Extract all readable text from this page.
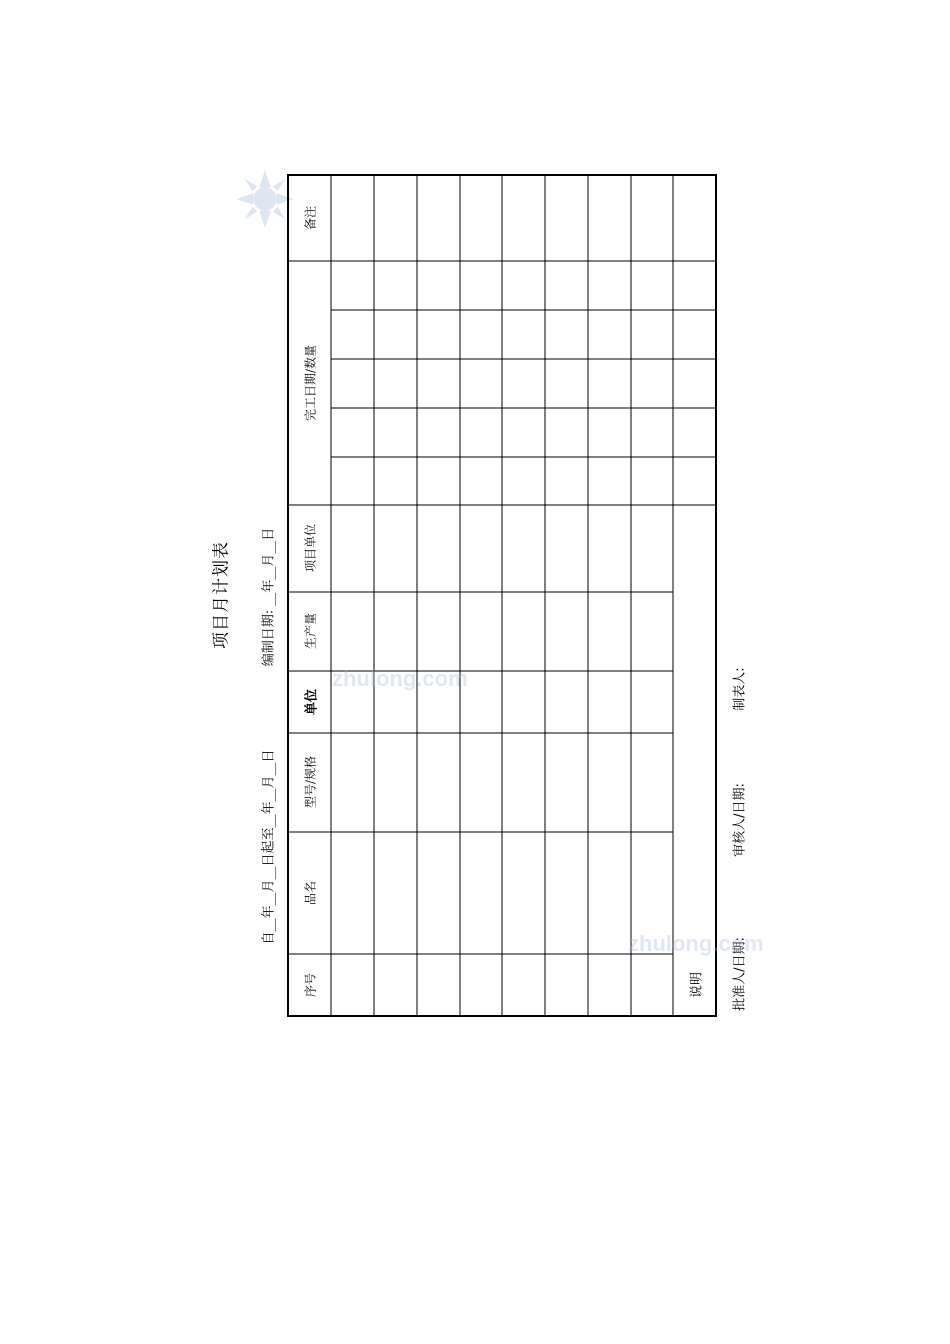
项目月计划表
自__年__月__日起至__年__月__日
编制日期: __年__月__日
序号
品名
型号/规格
单位
生产量
项目单位
完工日期/数量
备注
说明	批准人/日期:
审核人/日期:
制表人:
zhulong.com
zhulong.com
